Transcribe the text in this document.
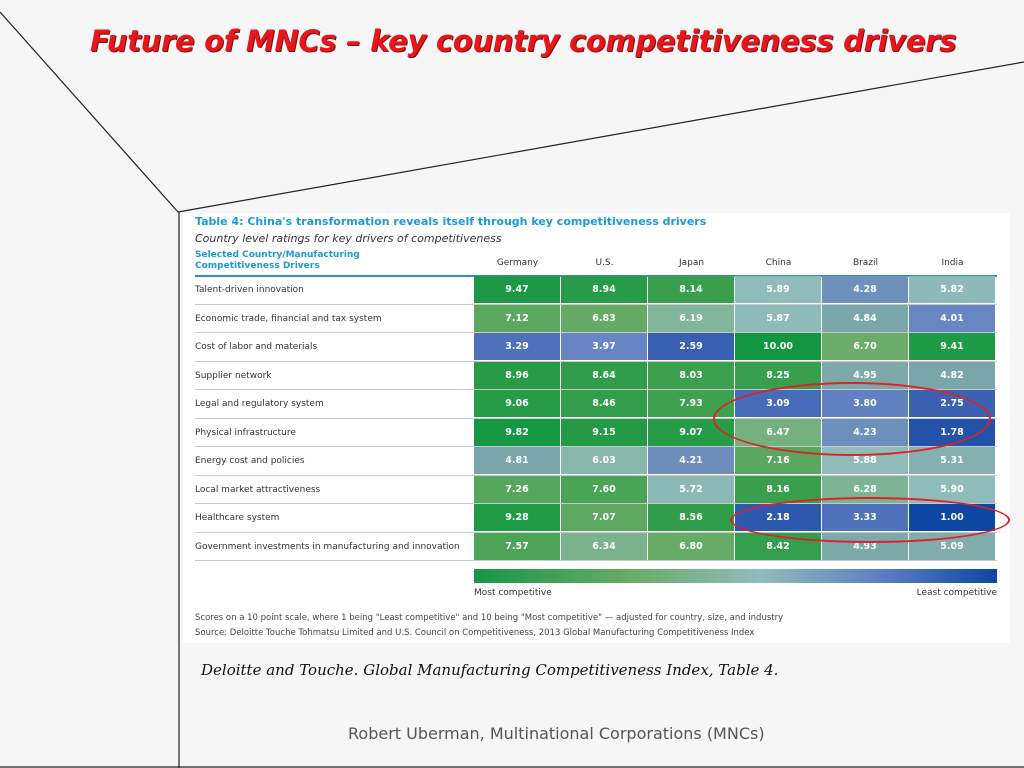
Future of MNCs – key country competitiveness drivers
Table 4: China's transformation reveals itself through key competitiveness drivers
Country level ratings for key drivers of competitiveness
Selected Country/Manufacturing Competitiveness Drivers	Germany	U.S.	Japan	China	Brazil	India
Talent-driven innovation	9.47	8.94	8.14	5.89	4.28	5.82
Economic trade, financial and tax system	7.12	6.83	6.19	5.87	4.84	4.01
Cost of labor and materials	3.29	3.97	2.59	10.00	6.70	9.41
Supplier network	8.96	8.64	8.03	8.25	4.95	4.82
Legal and regulatory system	9.06	8.46	7.93	3.09	3.80	2.75
Physical infrastructure	9.82	9.15	9.07	6.47	4.23	1.78
Energy cost and policies	4.81	6.03	4.21	7.16	5.88	5.31
Local market attractiveness	7.26	7.60	5.72	8.16	6.28	5.90
Healthcare system	9.28	7.07	8.56	2.18	3.33	1.00
Government investments in manufacturing and innovation	7.57	6.34	6.80	8.42	4.93	5.09
Most competitive	Least competitive
Scores on a 10 point scale, where 1 being "Least competitive" and 10 being "Most competitive" — adjusted for country, size, and industry
Source: Deloitte Touche Tohmatsu Limited and U.S. Council on Competitiveness, 2013 Global Manufacturing Competitiveness Index
Deloitte and Touche. Global Manufacturing Competitiveness Index, Table 4.
Robert Uberman, Multinational Corporations (MNCs)
